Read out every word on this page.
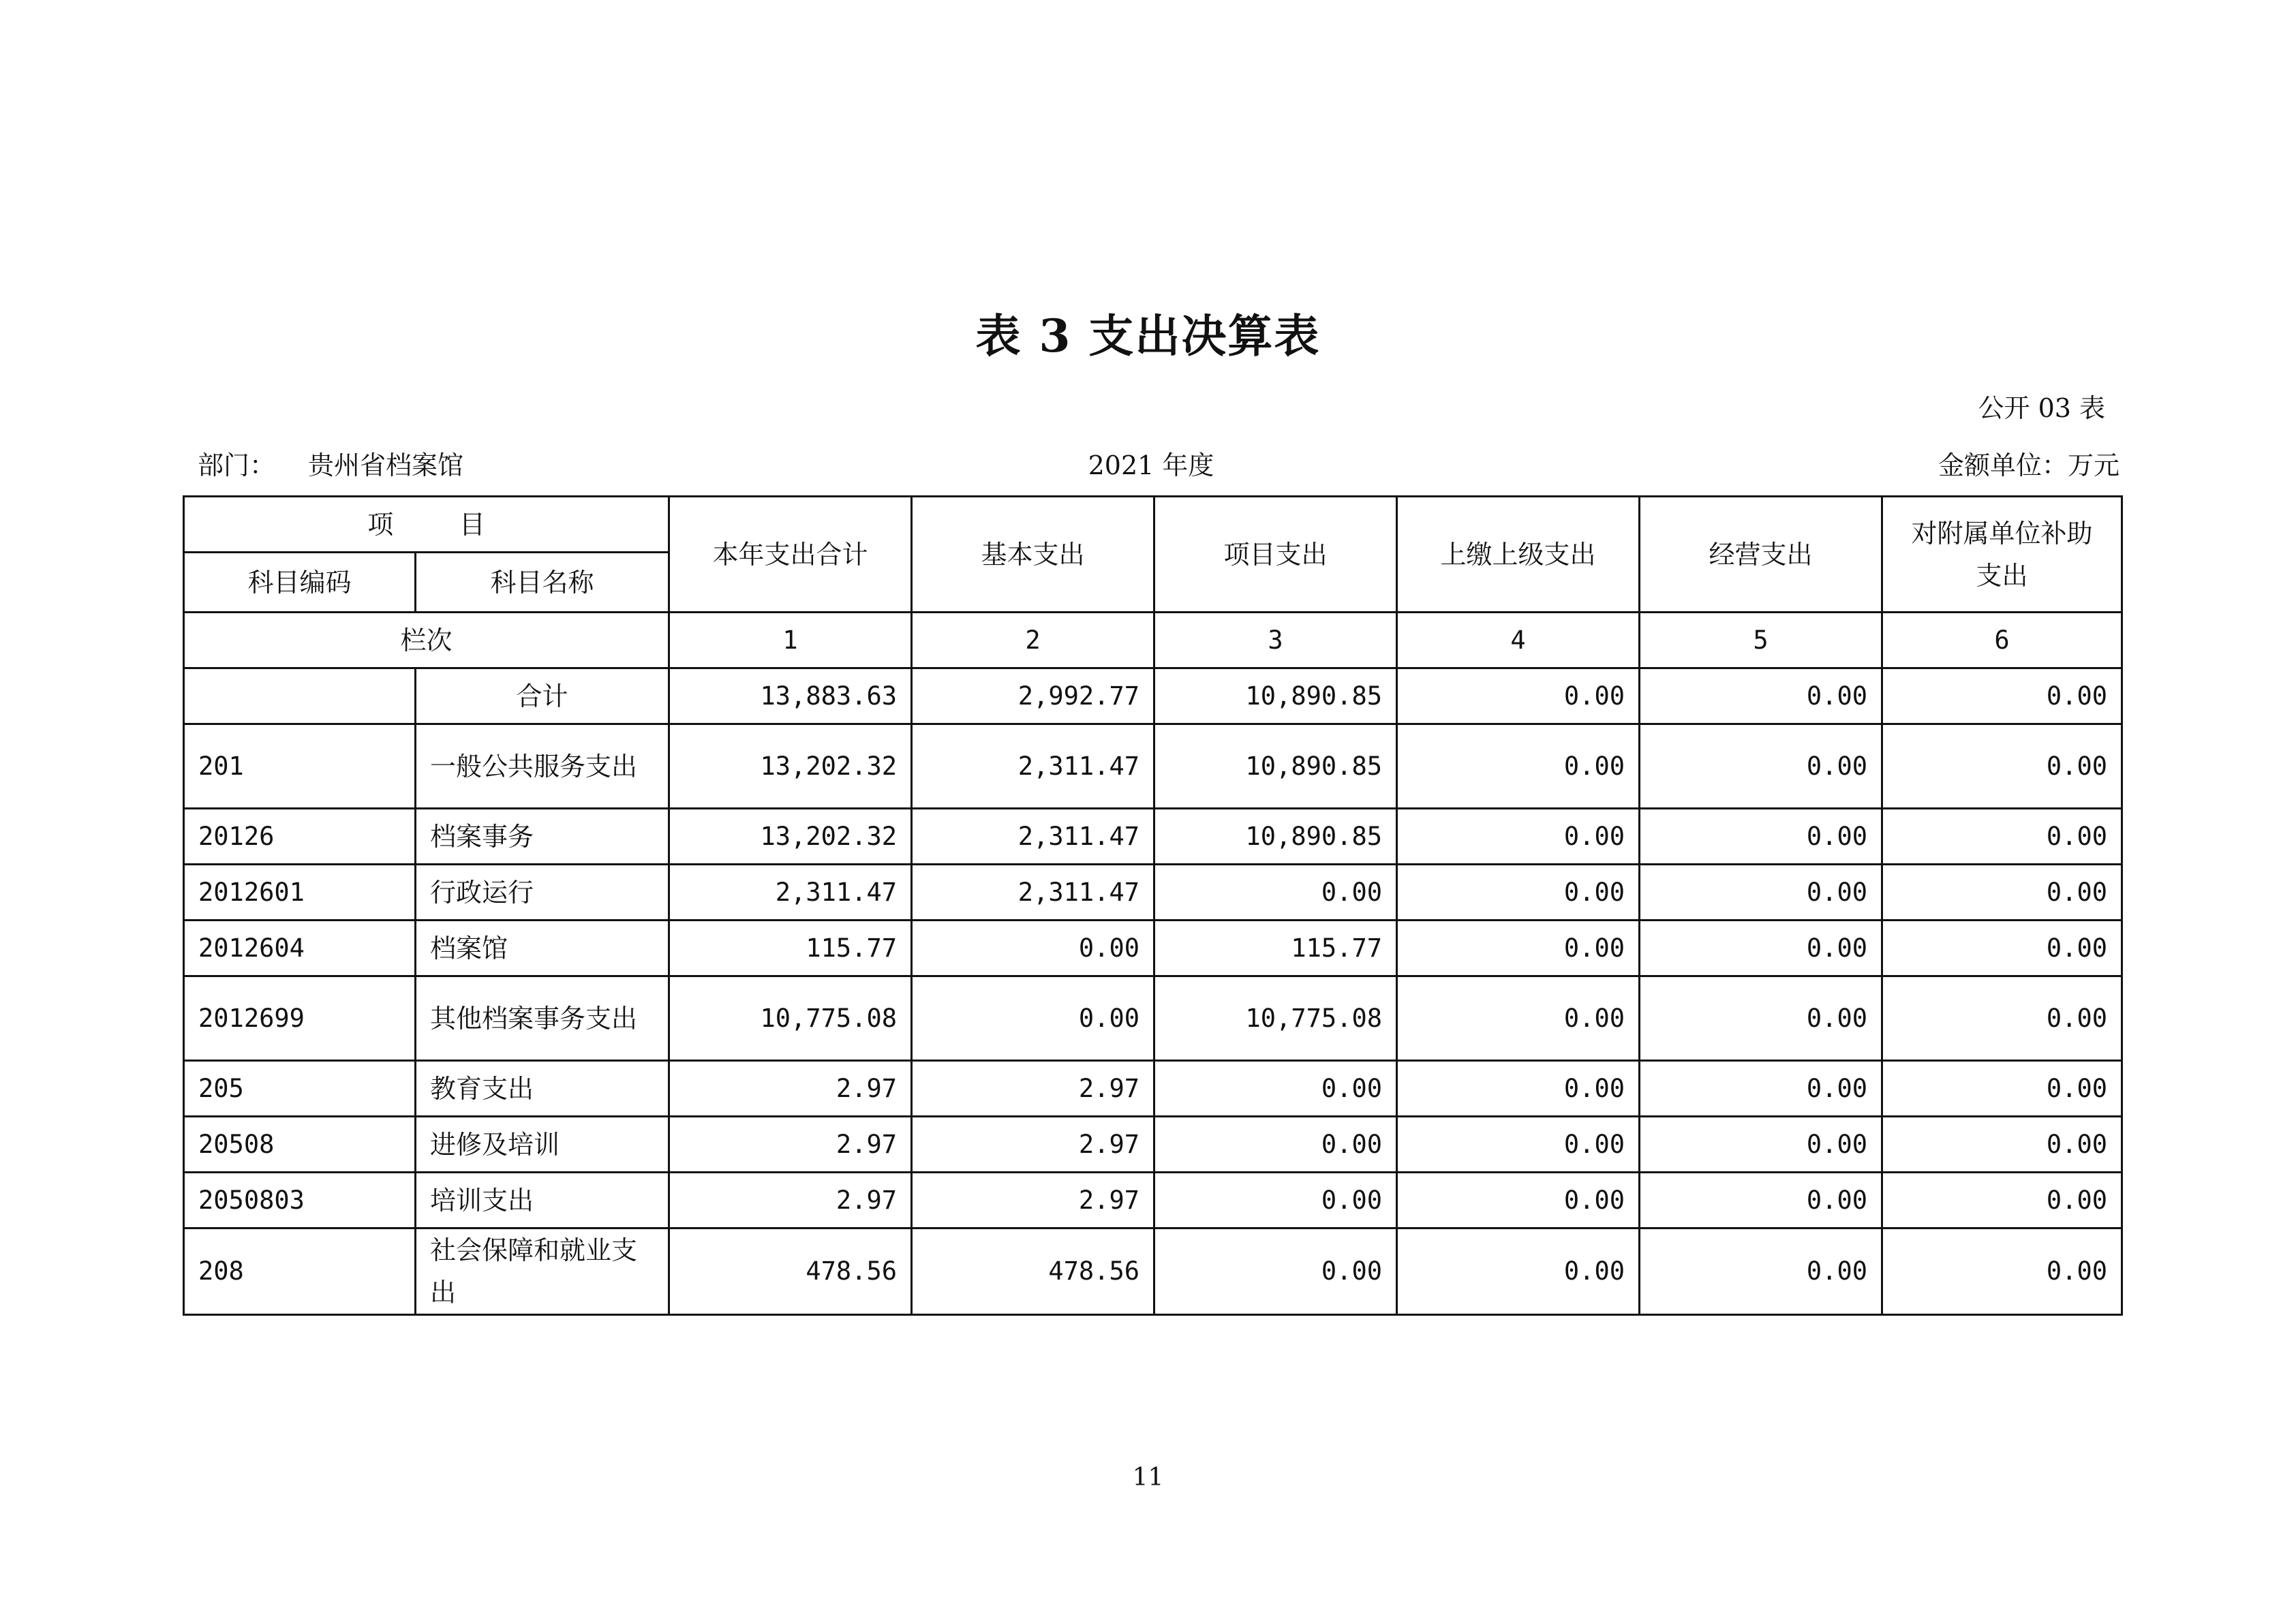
表 3 支出决算表
公开 03 表
部门： 贵州省档案馆	2021 年度	金额单位：万元
项        目		本年支出合计	基本支出	项目支出	上缴上级支出	经营支出	对附属单位补助支出
科目编码	科目名称						
栏次		1	2	3	4	5	6
	合计	13,883.63	2,992.77	10,890.85	0.00	0.00	0.00
201	一般公共服务支出	13,202.32	2,311.47	10,890.85	0.00	0.00	0.00
20126	档案事务	13,202.32	2,311.47	10,890.85	0.00	0.00	0.00
2012601	行政运行	2,311.47	2,311.47	0.00	0.00	0.00	0.00
2012604	档案馆	115.77	0.00	115.77	0.00	0.00	0.00
2012699	其他档案事务支出	10,775.08	0.00	10,775.08	0.00	0.00	0.00
205	教育支出	2.97	2.97	0.00	0.00	0.00	0.00
20508	进修及培训	2.97	2.97	0.00	0.00	0.00	0.00
2050803	培训支出	2.97	2.97	0.00	0.00	0.00	0.00
208	社会保障和就业支出	478.56	478.56	0.00	0.00	0.00	0.00
11
